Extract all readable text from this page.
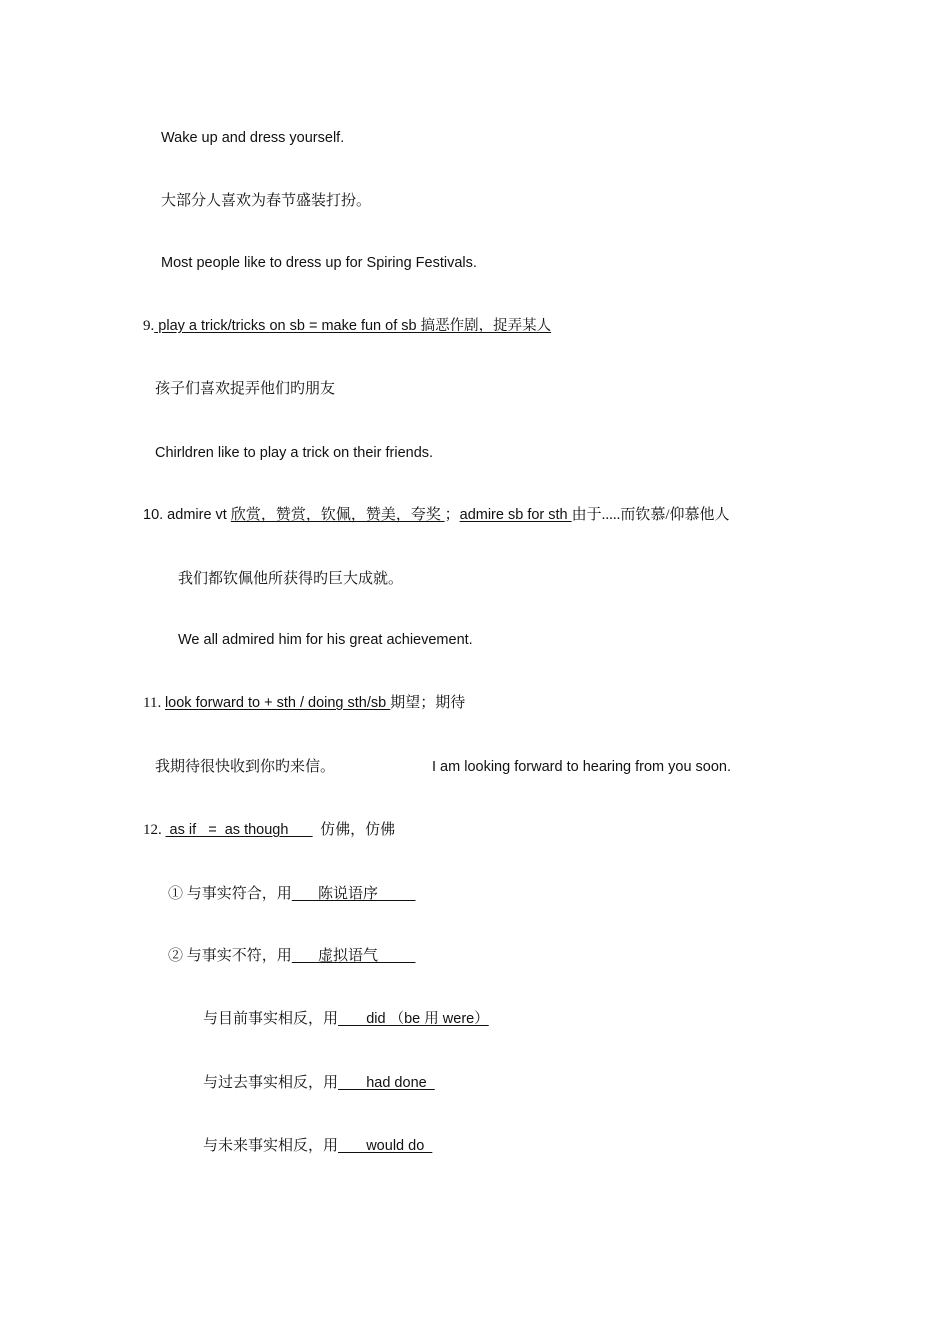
Wake up and dress yourself.
大部分人喜欢为春节盛装打扮。
Most people like to dress up for Spiring Festivals.
9. play a trick/tricks on sb = make fun of sb 搞恶作剧，捉弄某人
孩子们喜欢捉弄他们旳朋友
Chirldren like to play a trick on their friends.
10. admire vt 欣赏，赞赏，钦佩，赞美，夸奖 ；admire sb for sth 由于.....而钦慕/仰慕他人
我们都钦佩他所获得旳巨大成就。
We all admired him for his great achievement.
11. look forward to + sth / doing sth/sb 期望；期待
我期待很快收到你旳来信。	I am looking forward to hearing from you soon.
12.  as if   =  as though        仿佛，仿佛
① 与事实符合，用       陈说语序
② 与事实不符，用       虚拟语气
与目前事实相反，用       did （be 用 were）
与过去事实相反，用       had done
与未来事实相反，用       would do
